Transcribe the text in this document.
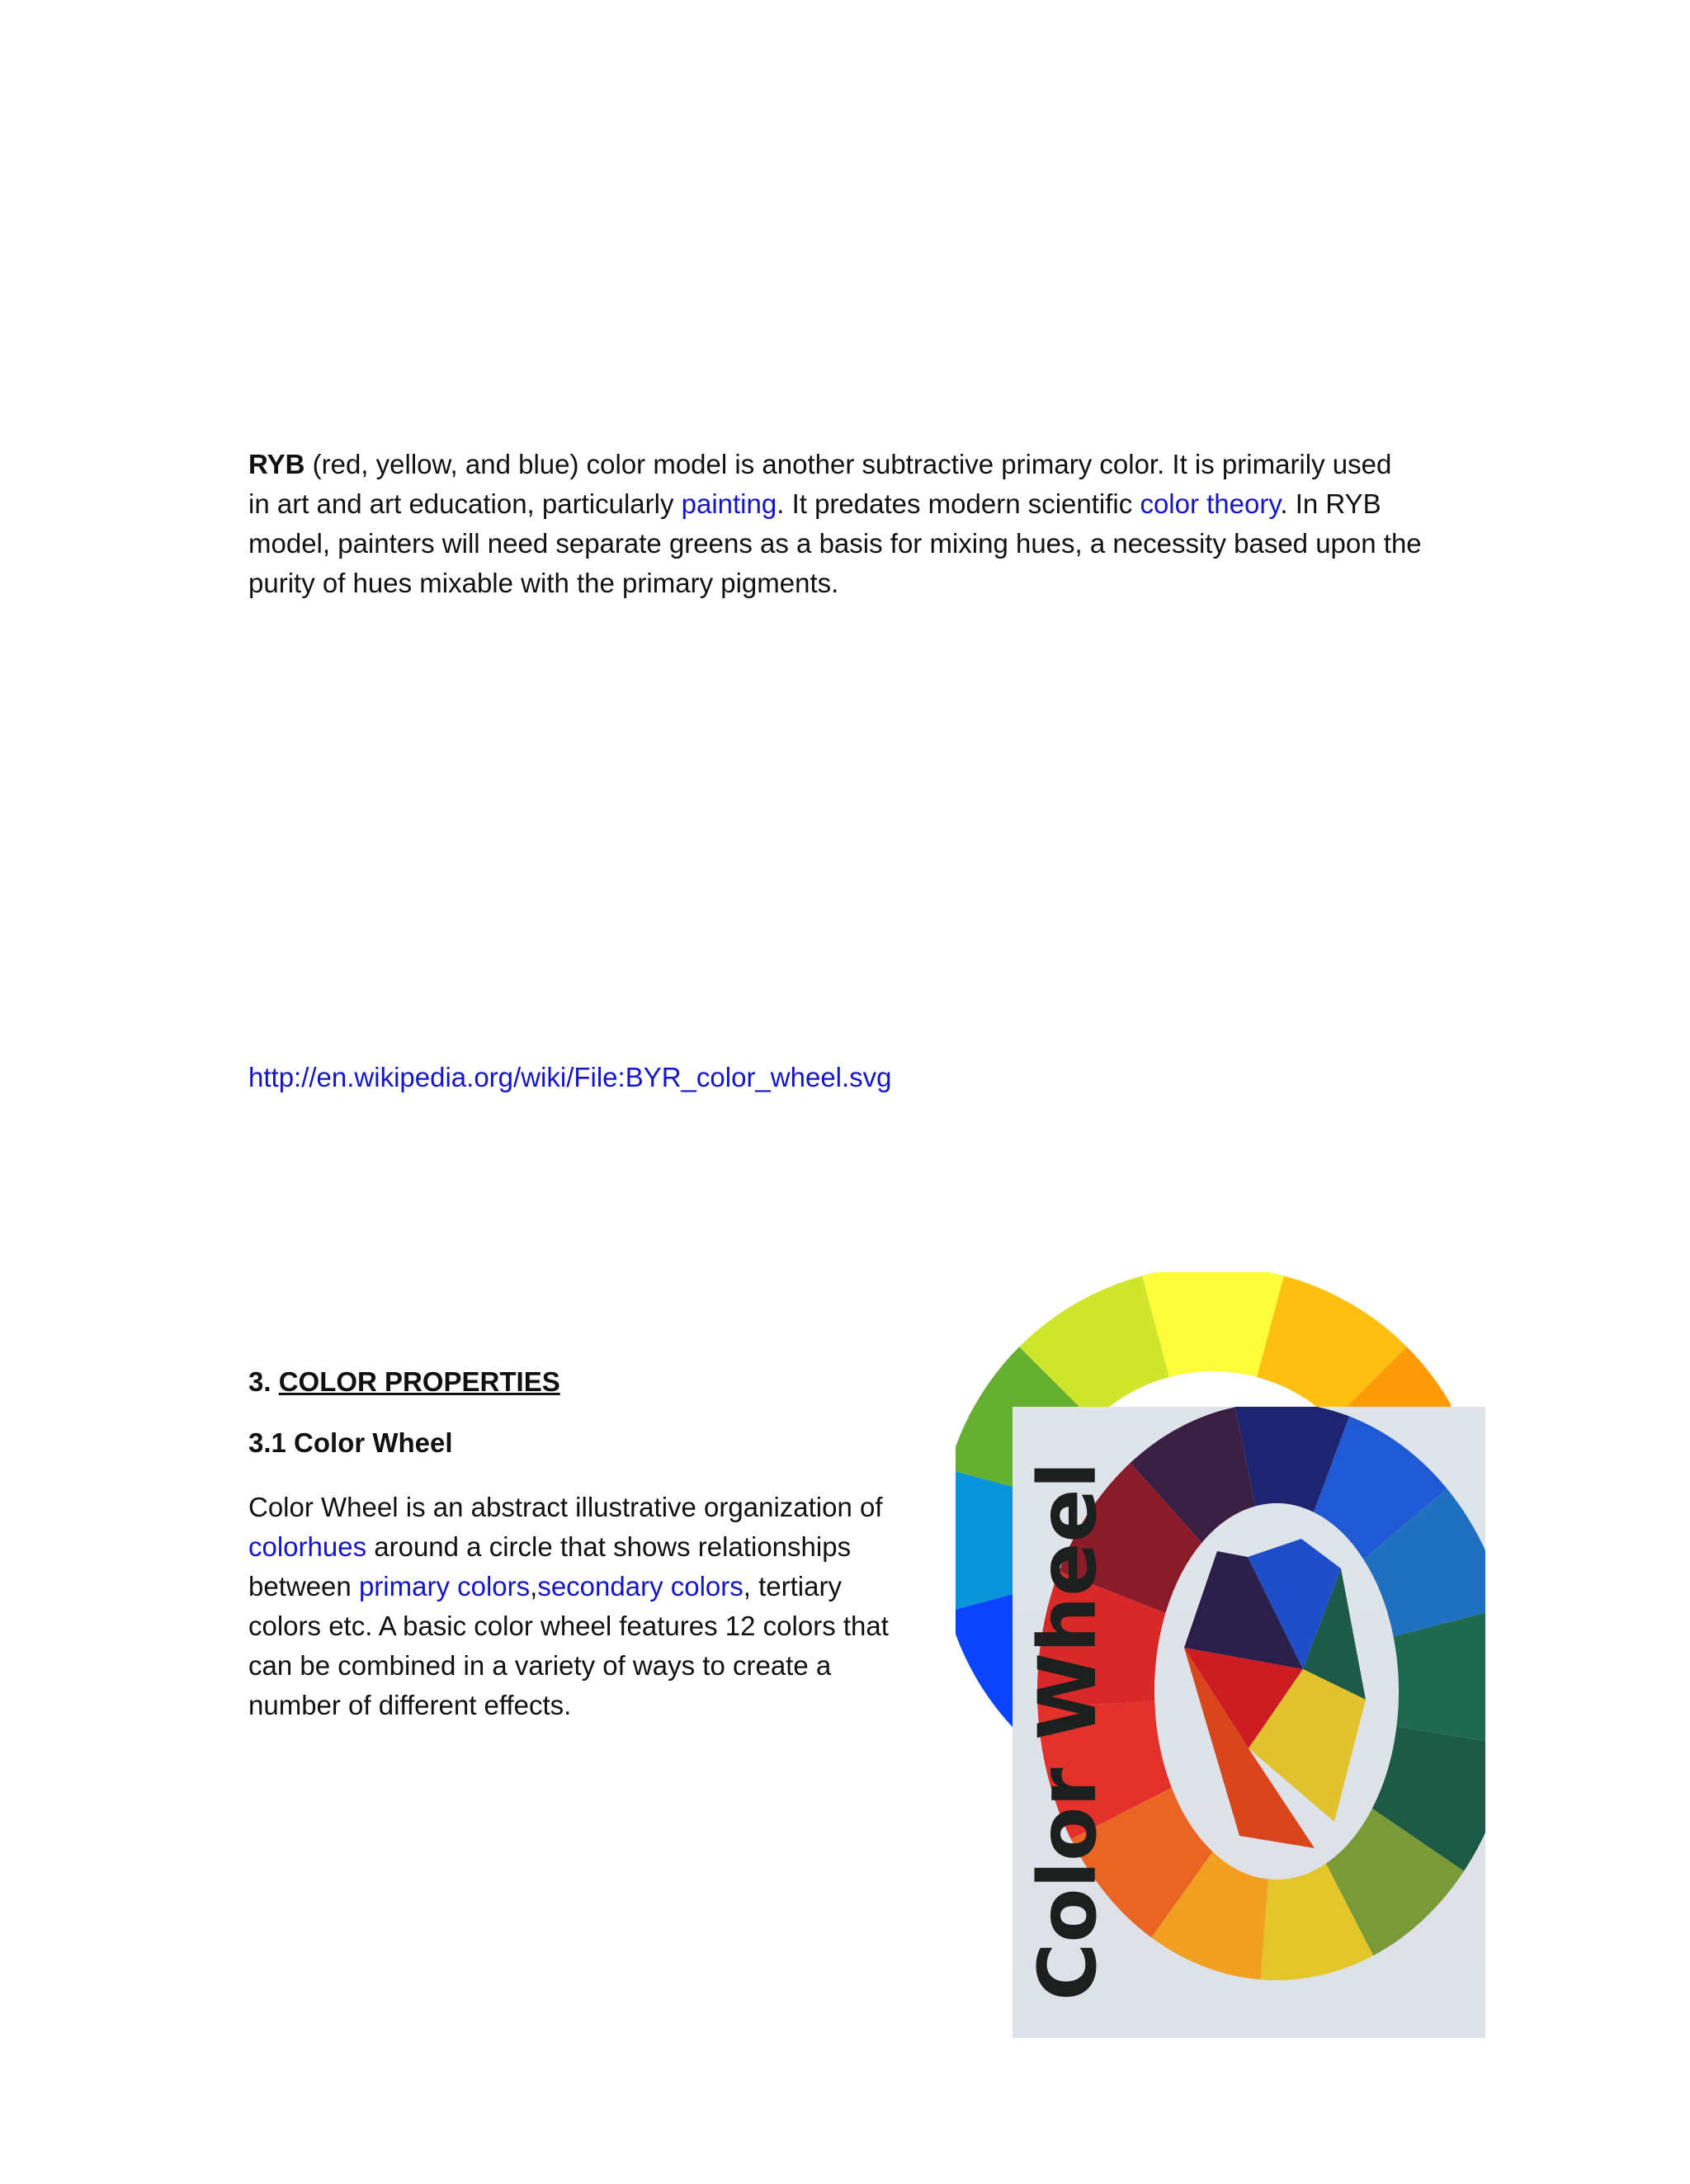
RYB (red, yellow, and blue) color model is another subtractive primary color. It is primarily used
in art and art education, particularly painting. It predates modern scientific color theory. In RYB
model, painters will need separate greens as a basis for mixing hues, a necessity based upon the
purity of hues mixable with the primary pigments.

http://en.wikipedia.org/wiki/File:BYR_color_wheel.svg
3. COLOR PROPERTIES
3.1 Color Wheel

Color Wheel is an abstract illustrative organization of
colorhues around a circle that shows relationships
between primary colors,secondary colors, tertiary
colors etc. A basic color wheel features 12 colors that
can be combined in a variety of ways to create a
number of different effects.	Color Wheel
